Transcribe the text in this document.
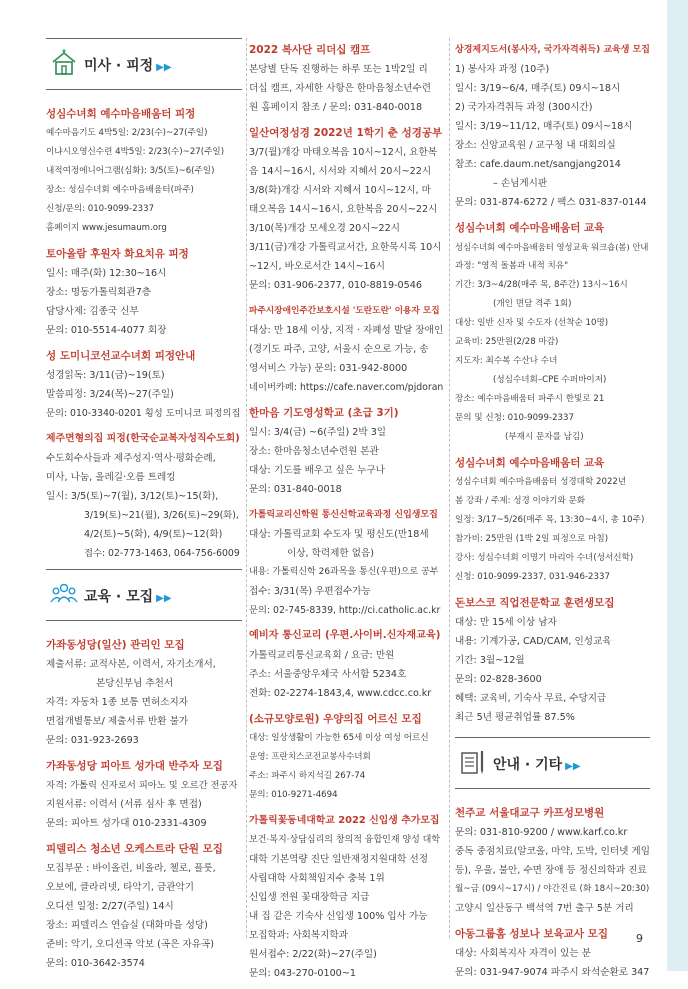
미사 · 피정 ▶▶
성심수녀회 예수마음배움터 피정
예수마음기도 4박5일: 2/23(수)~27(주일)
이냐시오영신수련 4박5일: 2/23(수)~27(주일)
내적여정에니어그램(심화): 3/5(토)~6(주일)
장소: 성심수녀회 예수마음배움터(파주)
신청/문의: 010-9099-2337
홈페이지 www.jesumaum.org
토아올람 후원자 화요치유 피정
일시: 매주(화) 12:30~16시
장소: 명동가톨릭회관7층
담당사제: 김종국 신부
문의: 010-5514-4077 회장
성 도미니코선교수녀회 피정안내
성경읽독: 3/11(금)~19(토)
말씀피정: 3/24(목)~27(주일)
문의: 010-3340-0201 횡성 도미니코 피정의집
제주면형의집 피정(한국순교복자성직수도회)
수도회수사들과 제주성지·역사·평화순례,
미사, 나눔, 올레길·오름 트레킹
일시: 3/5(토)~7(월), 3/12(토)~15(화),
3/19(토)~21(월), 3/26(토)~29(화),
4/2(토)~5(화), 4/9(토)~12(화)
접수: 02-773-1463, 064-756-6009
교육 · 모집 ▶▶
가좌동성당(일산) 관리인 모집
제출서류: 교적사본, 이력서, 자기소개서,
본당신부님 추천서
자격: 자동차 1종 보통 면허소지자
면접개별통보/ 제출서류 반환 불가
문의: 031-923-2693
가좌동성당 피아트 성가대 반주자 모집
자격: 가톨릭 신자로서 피아노 및 오르간 전공자
지원서류: 이력서 (서류 심사 후 면접)
문의: 피아트 성가대 010-2331-4309
피델리스 청소년 오케스트라 단원 모집
모집부문 : 바이올린, 비올라, 첼로, 플룻,
오보에, 클라리넷, 타악기, 금관악기
오디션 일정: 2/27(주일) 14시
장소: 피델리스 연습실 (대화마을 성당)
준비: 악기, 오디션곡 악보 (곡은 자유곡)
문의: 010-3642-3574
2022 복사단 리더십 캠프
본당별 단독 진행하는 하루 또는 1박2일 리
더십 캠프, 자세한 사항은 한마음청소년수련
원 홈페이지 참조 / 문의: 031-840-0018
일산여정성경 2022년 1학기 춘 성경공부
3/7(월)개강 마태오복음 10시~12시, 요한복
음 14시~16시, 시서와 지혜서 20시~22시
3/8(화)개강 시서와 지혜서 10시~12시, 마
태오복음 14시~16시, 요한복음 20시~22시
3/10(목)개강 모세오경 20시~22시
3/11(금)개강 가톨릭교서간, 요한묵시록 10시
~12시, 바오로서간 14시~16시
문의: 031-906-2377, 010-8819-0546
파주시장애인주간보호시설 '도란도란' 이용자 모집
대상: 만 18세 이상, 지적 · 자폐성 발달 장애인
(경기도 파주, 고양, 서울시 순으로 가능, 송
영서비스 가능) 문의: 031-942-8000
네이버카페: https://cafe.naver.com/pjdoran
한마음 기도영성학교 (초급 3기)
일시: 3/4(금) ~6(주일) 2박 3일
장소: 한마음청소년수련원 본관
대상: 기도를 배우고 싶은 누구나
문의: 031-840-0018
가톨릭교리신학원 통신신학교육과정 신입생모집
대상: 가톨릭교회 수도자 및 평신도(만18세
이상, 학력제한 없음)
내용: 가톨릭신학 26과목을 통신(우편)으로 공부
접수: 3/31(목) 우편접수가능
문의: 02-745-8339, http://ci.catholic.ac.kr
예비자 통신교리 (우편.사이버.신자재교육)
가톨릭교리통신교육회 / 요금: 만원
주소: 서울중앙우체국 사서함 5234호
전화: 02-2274-1843,4, www.cdcc.co.kr
(소규모양로원) 우양의집 어르신 모집
대상: 일상생활이 가능한 65세 이상 여성 어르신
운영: 프란치스코전교봉사수녀회
주소: 파주시 하지석길 267-74
문의: 010-9271-4694
가톨릭꽃동네대학교 2022 신입생 추가모집
보건·복지·상담심리의 창의적 융합인재 양성 대학
대학 기본역량 진단 일반재정지원대학 선정
사립대학 사회책임지수 충북 1위
신입생 전원 꽃대장학금 지급
내 집 같은 기숙사 신입생 100% 입사 가능
모집학과: 사회복지학과
원서접수: 2/22(화)~27(주일)
문의: 043-270-0100~1
상경제지도서(봉사자, 국가자격취득) 교육생 모집
1) 봉사자 과정 (10주)
일시: 3/19~6/4, 매주(토) 09시~18시
2) 국가자격취득 과정 (300시간)
일시: 3/19~11/12, 매주(토) 09시~18시
장소: 신앙교육원 / 교구청 내 대회의실
참조: cafe.daum.net/sangjang2014
– 손님게시판
문의: 031-874-6272 / 팩스 031-837-0144
성심수녀회 예수마음배움터 교육
성심수녀회 예수마음배움터 영성교육 워크숍(봄) 안내
과정: "영적 돌봄과 내적 치유"
기간: 3/3~4/28(매주 목, 8주간) 13시~16시
(개인 면담 격주 1회)
대상: 일반 신자 및 수도자 (선착순 10명)
교육비: 25만원(2/28 마감)
지도자: 최수복 수산나 수녀
(성심수녀회–CPE 수퍼바이저)
장소: 예수마음배움터 파주시 한빛로 21
문의 및 신청: 010-9099-2337
(부재시 문자를 남김)
성심수녀회 예수마음배움터 교육
성심수녀회 예수마음배움터 성경대학 2022년
봄 강좌 / 주제: 성경 이야기와 문화
일정: 3/17~5/26(매주 목, 13:30~4시, 총 10주)
참가비: 25만원 (1박 2일 피정으로 마침)
강사: 성심수녀회 이명기 마리아 수녀(성서신학)
신청: 010-9099-2337, 031-946-2337
돈보스코 직업전문학교 훈련생모집
대상: 만 15세 이상 남자
내용: 기계가공, CAD/CAM, 인성교육
기간: 3월~12월
문의: 02-828-3600
혜택: 교육비, 기숙사 무료, 수당지급
최근 5년 평균취업률 87.5%
안내 · 기타 ▶▶
천주교 서울대교구 카프성모병원
문의: 031-810-9200 / www.karf.co.kr
중독 중점치료(알코올, 마약, 도박, 인터넷 게임
등), 우울, 불안, 수면 장애 등 정신의학과 진료
월~금 (09시~17시) / 야간진료 (화 18시~20:30)
고양시 일산동구 백석역 7번 출구 5분 거리
아동그룹홈 성보나 보육교사 모집
대상: 사회복지사 자격이 있는 분
문의: 031-947-9074 파주시 와석순환로 347
9
